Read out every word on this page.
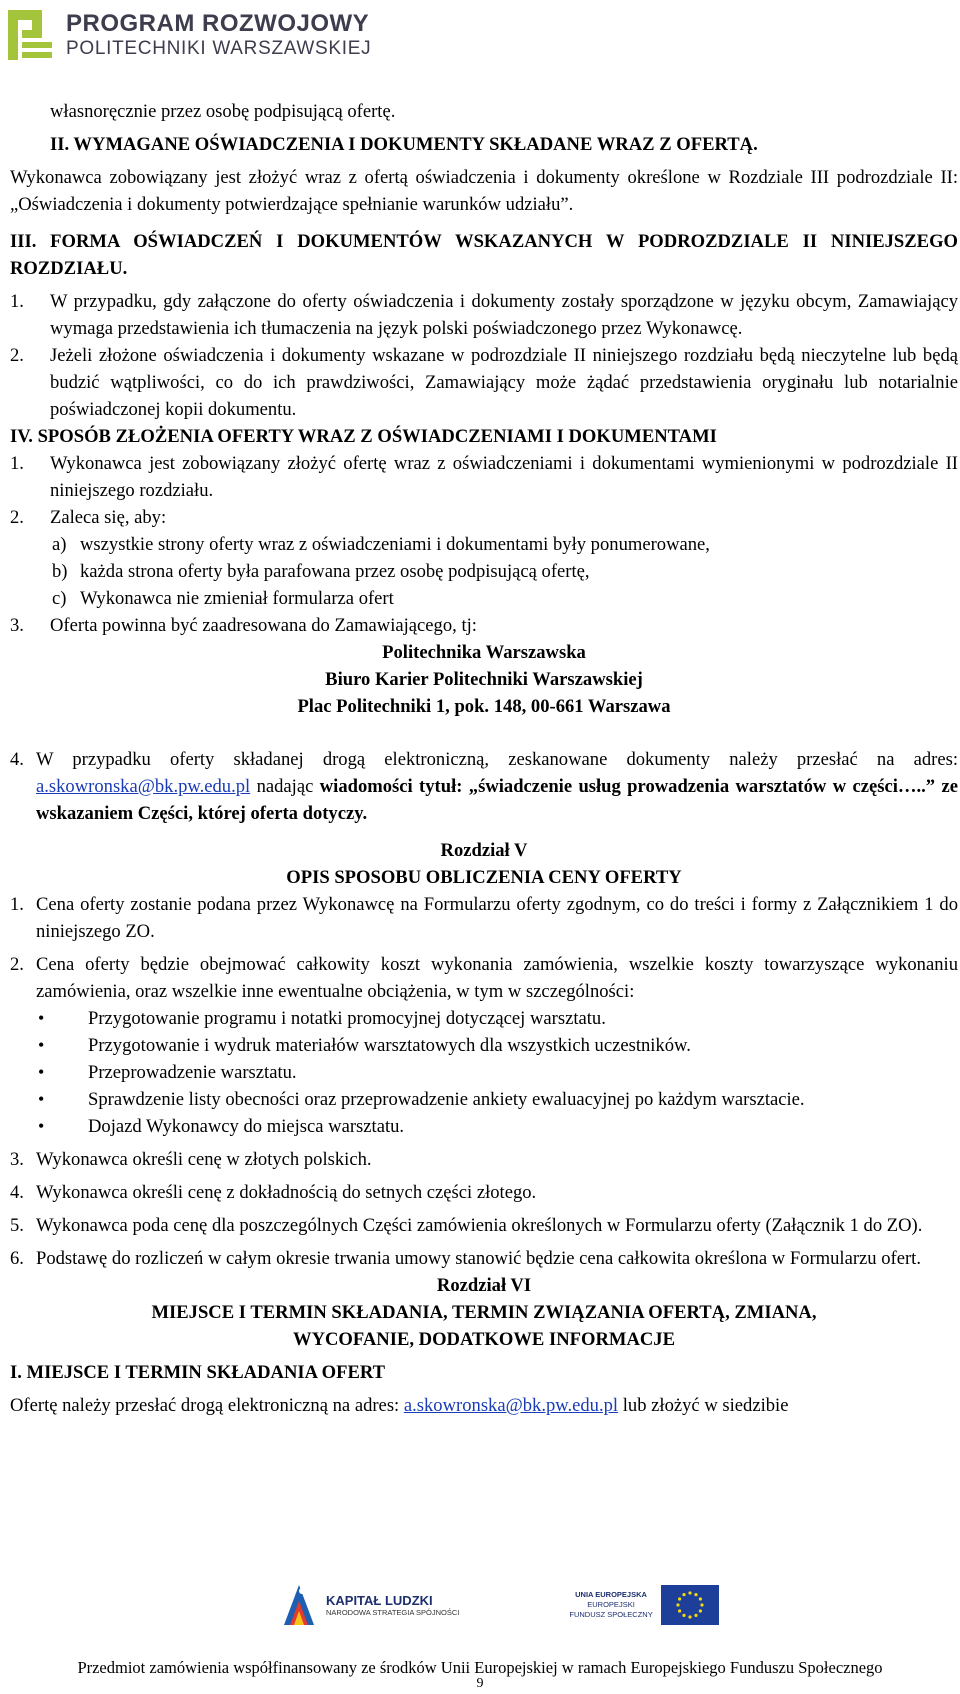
PROGRAM ROZWOJOWY
POLITECHNIKI WARSZAWSKIEJ

własnoręcznie przez osobę podpisującą ofertę.

II. WYMAGANE OŚWIADCZENIA I DOKUMENTY SKŁADANE WRAZ Z OFERTĄ.

Wykonawca zobowiązany jest złożyć wraz z ofertą oświadczenia i dokumenty określone w Rozdziale III podrozdziale II: „Oświadczenia i dokumenty potwierdzające spełnianie warunków udziału”.

III. FORMA OŚWIADCZEŃ I DOKUMENTÓW WSKAZANYCH W PODROZDZIALE II NINIEJSZEGO ROZDZIAŁU.

1.	W przypadku, gdy załączone do oferty oświadczenia i dokumenty zostały sporządzone w języku obcym, Zamawiający wymaga przedstawienia ich tłumaczenia na język polski poświadczonego przez Wykonawcę.
2.	Jeżeli złożone oświadczenia i dokumenty wskazane w podrozdziale II niniejszego rozdziału będą nieczytelne lub będą budzić wątpliwości, co do ich prawdziwości, Zamawiający może żądać przedstawienia oryginału lub notarialnie poświadczonej kopii dokumentu.

IV. SPOSÓB ZŁOŻENIA OFERTY WRAZ Z OŚWIADCZENIAMI I DOKUMENTAMI

1.	Wykonawca jest zobowiązany złożyć ofertę wraz z oświadczeniami i dokumentami wymienionymi w podrozdziale II niniejszego rozdziału.
2.	Zaleca się, aby:
a) wszystkie strony oferty wraz z oświadczeniami i dokumentami były ponumerowane,
b) każda strona oferty była parafowana przez osobę podpisującą ofertę,
c) Wykonawca nie zmieniał formularza ofert
3.	Oferta powinna być zaadresowana do Zamawiającego, tj:

Politechnika Warszawska

Biuro Karier Politechniki Warszawskiej

Plac Politechniki 1, pok. 148, 00-661 Warszawa

4. W przypadku oferty składanej drogą elektroniczną, zeskanowane dokumenty należy przesłać na adres: a.skowronska@bk.pw.edu.pl nadając wiadomości tytuł: „świadczenie usług prowadzenia warsztatów w części…..” ze wskazaniem Części, której oferta dotyczy.

Rozdział V

OPIS SPOSOBU OBLICZENIA CENY OFERTY

1. Cena oferty zostanie podana przez Wykonawcę na Formularzu oferty zgodnym, co do treści i formy z Załącznikiem 1 do niniejszego ZO.
2. Cena oferty będzie obejmować całkowity koszt wykonania zamówienia, wszelkie koszty towarzyszące wykonaniu zamówienia, oraz wszelkie inne ewentualne obciążenia, w tym w szczególności:
•
Przygotowanie programu i notatki promocyjnej dotyczącej warsztatu.
•
Przygotowanie i wydruk materiałów warsztatowych dla wszystkich uczestników.
•
Przeprowadzenie warsztatu.
•
Sprawdzenie listy obecności oraz przeprowadzenie ankiety ewaluacyjnej po każdym warsztacie.
•
Dojazd Wykonawcy do miejsca warsztatu.
3. Wykonawca określi cenę w złotych polskich.
4. Wykonawca określi cenę z dokładnością do setnych części złotego.
5. Wykonawca poda cenę dla poszczególnych Części zamówienia określonych w Formularzu oferty (Załącznik 1 do ZO).
6. Podstawę do rozliczeń w całym okresie trwania umowy stanowić będzie cena całkowita określona w Formularzu ofert.

Rozdział VI

MIEJSCE I TERMIN SKŁADANIA, TERMIN ZWIĄZANIA OFERTĄ, ZMIANA,

WYCOFANIE, DODATKOWE INFORMACJE

I. MIEJSCE I TERMIN SKŁADANIA OFERT

Ofertę należy przesłać drogą elektroniczną na adres: a.skowronska@bk.pw.edu.pl lub złożyć w siedzibie

KAPITAŁ LUDZKI
NARODOWA STRATEGIA SPÓJNOŚCI
UNIA EUROPEJSKA
EUROPEJSKI
FUNDUSZ SPOŁECZNY
Przedmiot zamówienia współfinansowany ze środków Unii Europejskiej w ramach Europejskiego Funduszu Społecznego
9
